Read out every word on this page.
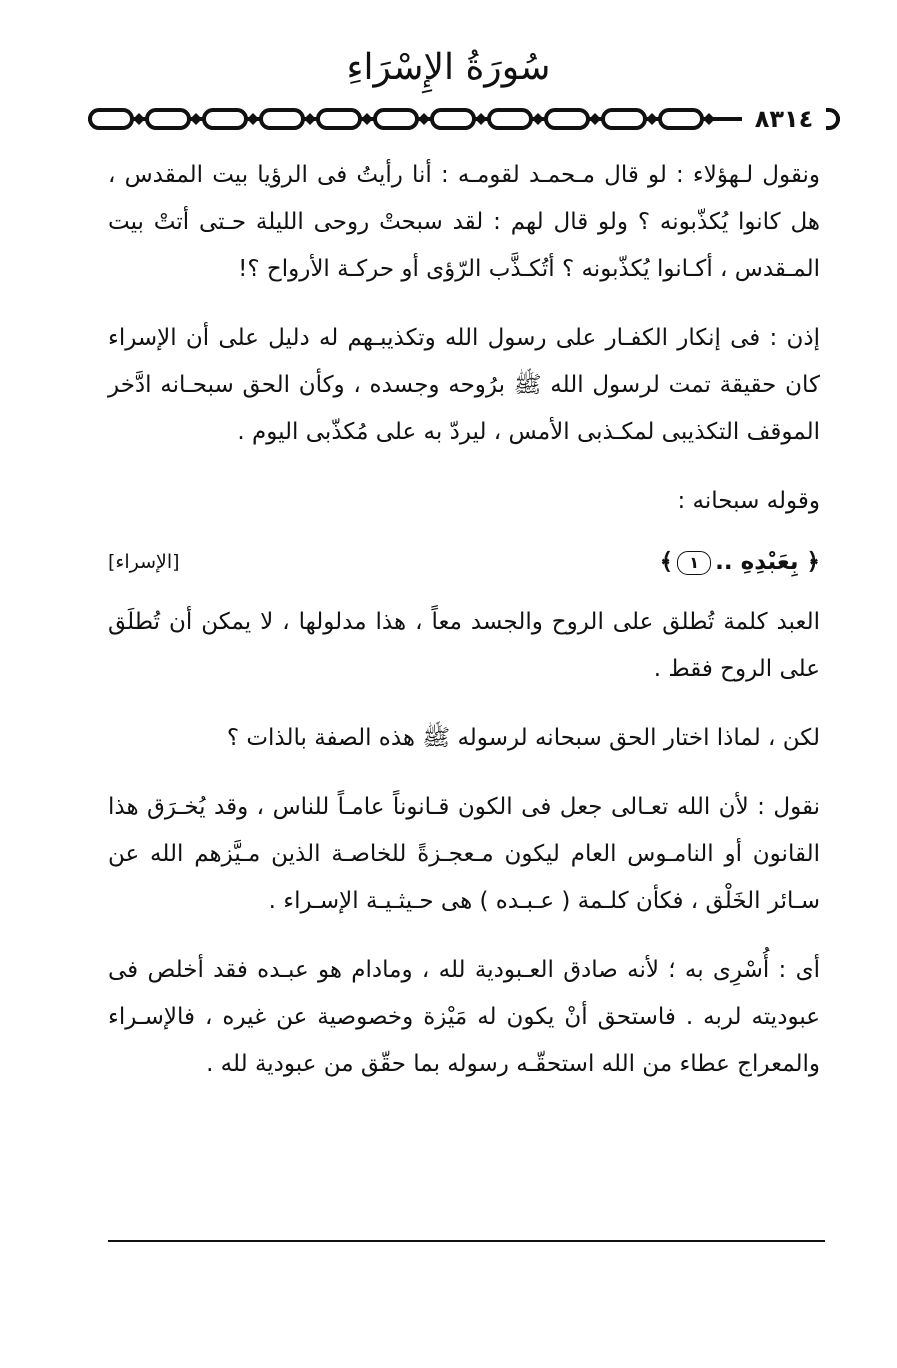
سُورَةُ الإِسْرَاءِ
٨٣١٤

ونقول لـهؤلاء : لو قال مـحمـد لقومـه : أنا رأيتُ فى الرؤيا بيت المقدس ، هل كانوا يُكذّبونه ؟ ولو قال لهم : لقد سبحتْ روحى الليلة حـتى أتتْ بيت المـقدس ، أكـانوا يُكذّبونه ؟ أتُكـذَّب الرّؤى أو حركـة الأرواح ؟!

إذن : فى إنكار الكفـار على رسول الله وتكذيبـهم له دليل على أن الإسراء كان حقيقة تمت لرسول الله ﷺ برُوحه وجسده ، وكأن الحق سبحـانه ادَّخر الموقف التكذيبى لمكـذبى الأمس ، ليردّ به على مُكذّبى اليوم .

وقوله سبحانه :

﴿ بِعَبْدِهِ ..١﴾
[الإسراء]

العبد كلمة تُطلق على الروح والجسد معاً ، هذا مدلولها ، لا يمكن أن تُطلَق على الروح فقط .

لكن ، لماذا اختار الحق سبحانه لرسوله ﷺ هذه الصفة بالذات ؟

نقول : لأن الله تعـالى جعل فى الكون قـانوناً عامـاً للناس ، وقد يُخـرَق هذا القانون أو النامـوس العام ليكون مـعجـزةً للخاصـة الذين مـيَّزهم الله عن سـائر الخَلْق ، فكأن كلـمة ( عـبـده ) هى حـيثـيـة الإسـراء .

أى : أُسْرِى به ؛ لأنه صادق العـبودية لله ، ومادام هو عبـده فقد أخلص فى عبوديته لربه . فاستحق أنْ يكون له مَيْزة وخصوصية عن غيره ، فالإسـراء والمعراج عطاء من الله استحقّـه رسوله بما حقّق من عبودية لله .
